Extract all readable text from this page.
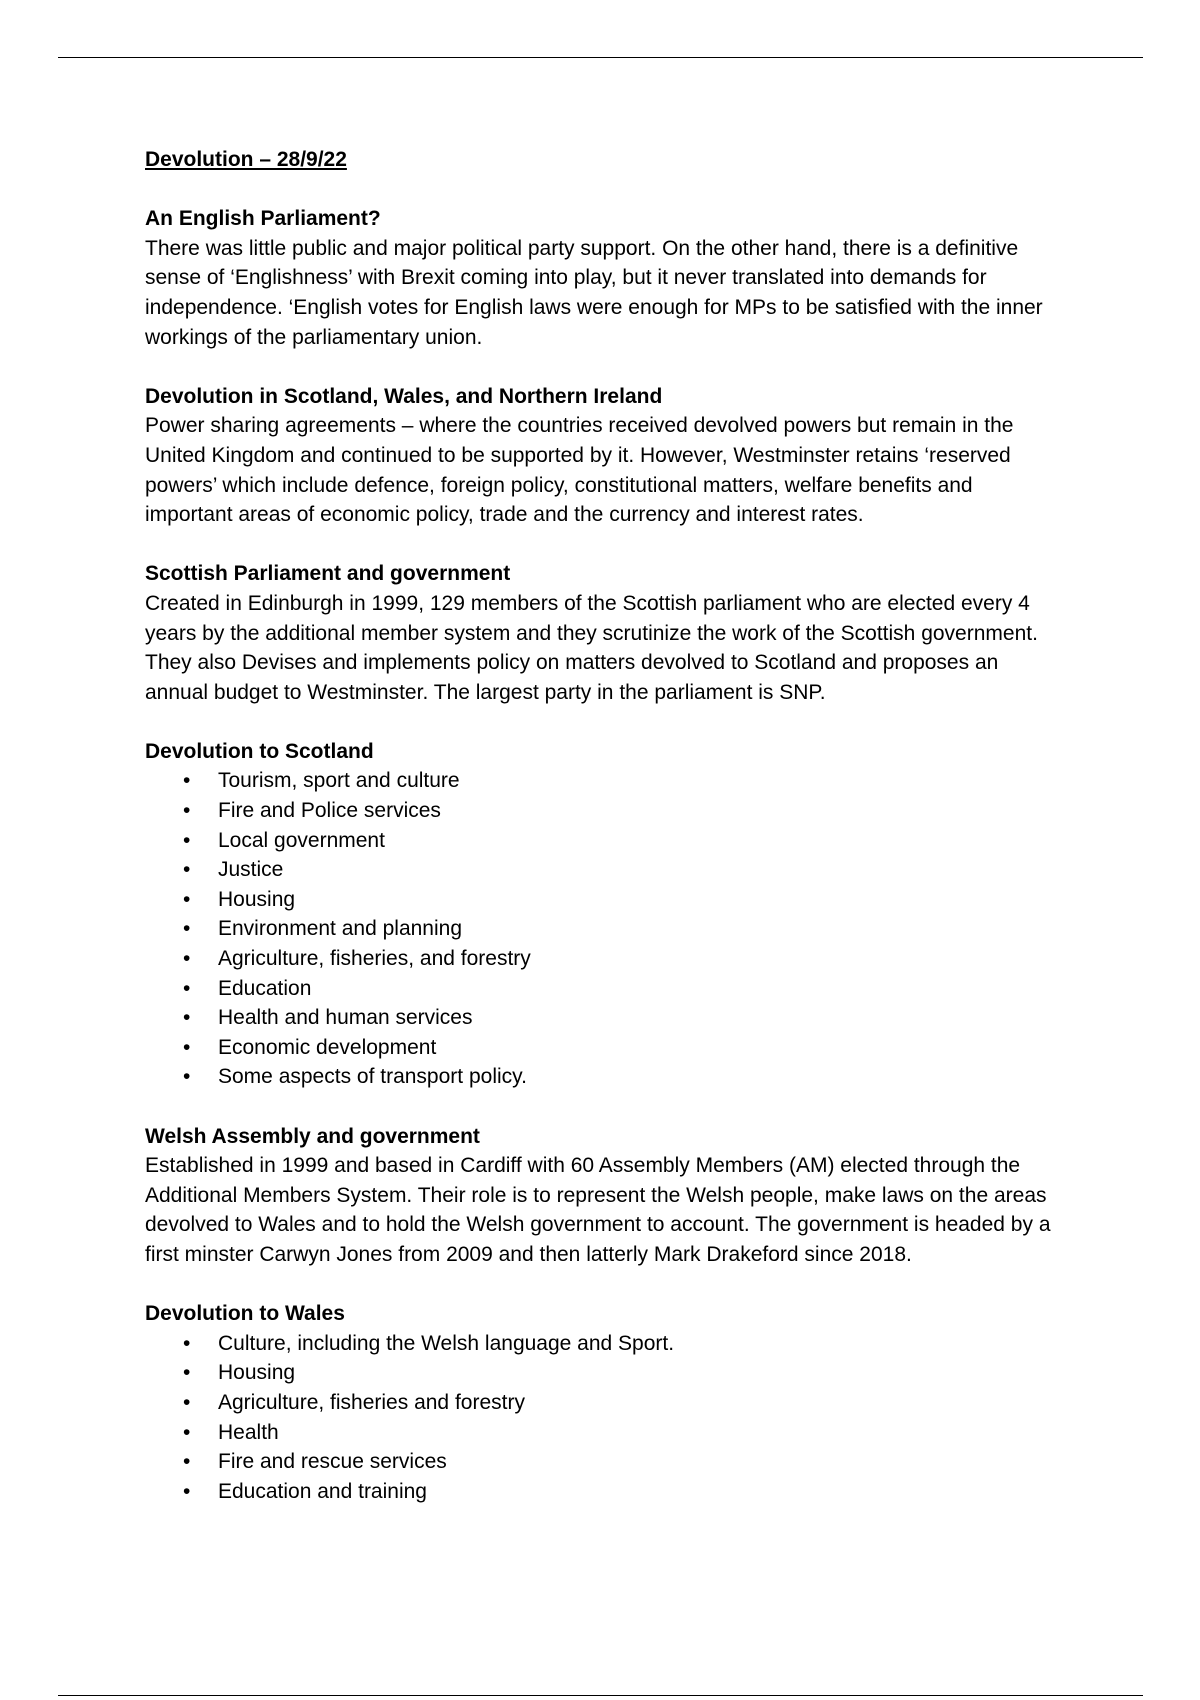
Devolution – 28/9/22

An English Parliament?

There was little public and major political party support. On the other hand, there is a definitive sense of ‘Englishness’ with Brexit coming into play, but it never translated into demands for independence. ‘English votes for English laws were enough for MPs to be satisfied with the inner workings of the parliamentary union.

Devolution in Scotland, Wales, and Northern Ireland

Power sharing agreements – where the countries received devolved powers but remain in the United Kingdom and continued to be supported by it. However, Westminster retains ‘reserved powers’ which include defence, foreign policy, constitutional matters, welfare benefits and important areas of economic policy, trade and the currency and interest rates.

Scottish Parliament and government

Created in Edinburgh in 1999, 129 members of the Scottish parliament who are elected every 4 years by the additional member system and they scrutinize the work of the Scottish government. They also Devises and implements policy on matters devolved to Scotland and proposes an annual budget to Westminster. The largest party in the parliament is SNP.

Devolution to Scotland

• Tourism, sport and culture
• Fire and Police services
• Local government
• Justice
• Housing
• Environment and planning
• Agriculture, fisheries, and forestry
• Education
• Health and human services
• Economic development
• Some aspects of transport policy.

Welsh Assembly and government

Established in 1999 and based in Cardiff with 60 Assembly Members (AM) elected through the Additional Members System. Their role is to represent the Welsh people, make laws on the areas devolved to Wales and to hold the Welsh government to account. The government is headed by a first minster Carwyn Jones from 2009 and then latterly Mark Drakeford since 2018.

Devolution to Wales

• Culture, including the Welsh language and Sport.
• Housing
• Agriculture, fisheries and forestry
• Health
• Fire and rescue services
• Education and training
